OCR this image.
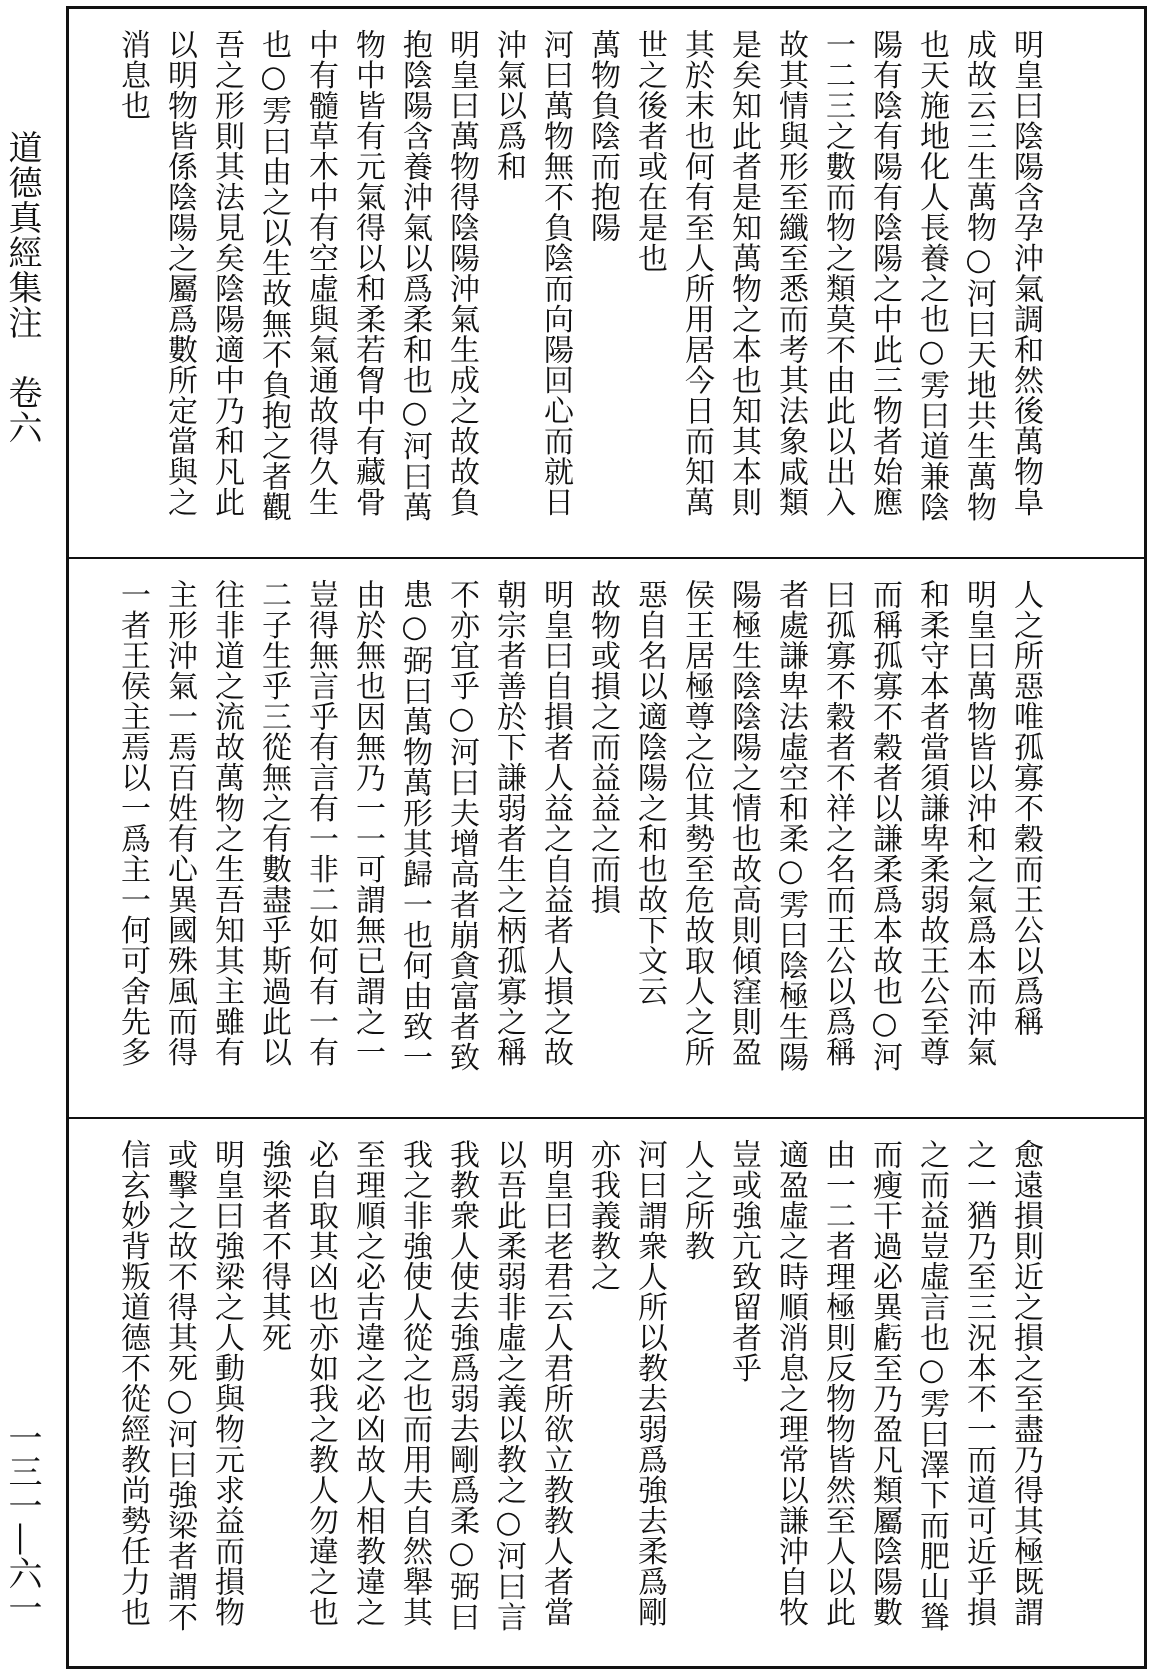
道德真經集注　卷六
一三一—六一
明皇曰陰陽含孕沖氣調和然後萬物阜
成故云三生萬物○河曰天地共生萬物
也天施地化人長養之也○雱曰道兼陰
陽有陰有陽有陰陽之中此三物者始應
一二三之數而物之類莫不由此以出入
故其情與形至纖至悉而考其法象咸類
是矣知此者是知萬物之本也知其本則
其於末也何有至人所用居今日而知萬
世之後者或在是也
萬物負陰而抱陽
河曰萬物無不負陰而向陽回心而就日
沖氣以爲和
明皇曰萬物得陰陽沖氣生成之故故負
抱陰陽含養沖氣以爲柔和也○河曰萬
物中皆有元氣得以和柔若胷中有藏骨
中有髓草木中有空虛與氣通故得久生
也○雱曰由之以生故無不負抱之者觀
吾之形則其法見矣陰陽適中乃和凡此
以明物皆係陰陽之屬爲數所定當與之
消息也
人之所惡唯孤寡不穀而王公以爲稱
明皇曰萬物皆以沖和之氣爲本而沖氣
和柔守本者當須謙卑柔弱故王公至尊
而稱孤寡不穀者以謙柔爲本故也○河
曰孤寡不穀者不祥之名而王公以爲稱
者處謙卑法虛空和柔○雱曰陰極生陽
陽極生陰陰陽之情也故高則傾窪則盈
侯王居極尊之位其勢至危故取人之所
惡自名以適陰陽之和也故下文云
故物或損之而益益之而損
明皇曰自損者人益之自益者人損之故
朝宗者善於下謙弱者生之柄孤寡之稱
不亦宜乎○河曰夫增高者崩貪富者致
患○弼曰萬物萬形其歸一也何由致一
由於無也因無乃一一可謂無已謂之一
豈得無言乎有言有一非二如何有一有
二子生乎三從無之有數盡乎斯過此以
往非道之流故萬物之生吾知其主雖有
主形沖氣一焉百姓有心異國殊風而得
一者王侯主焉以一爲主一何可舍先多
愈遠損則近之損之至盡乃得其極既謂
之一猶乃至三況本不一而道可近乎損
之而益豈虛言也○雱曰澤下而肥山聳
而瘦干過必異虧至乃盈凡類屬陰陽數
由一二者理極則反物物皆然至人以此
適盈虛之時順消息之理常以謙沖自牧
豈或強亢致留者乎
人之所教
河曰謂衆人所以教去弱爲強去柔爲剛
亦我義教之
明皇曰老君云人君所欲立教教人者當
以吾此柔弱非虛之義以教之○河曰言
我教衆人使去強爲弱去剛爲柔○弼曰
我之非強使人從之也而用夫自然舉其
至理順之必吉違之必凶故人相教違之
必自取其凶也亦如我之教人勿違之也
強梁者不得其死
明皇曰強梁之人動與物元求益而損物
或擊之故不得其死○河曰強梁者謂不
信玄妙背叛道德不從經教尚勢任力也
